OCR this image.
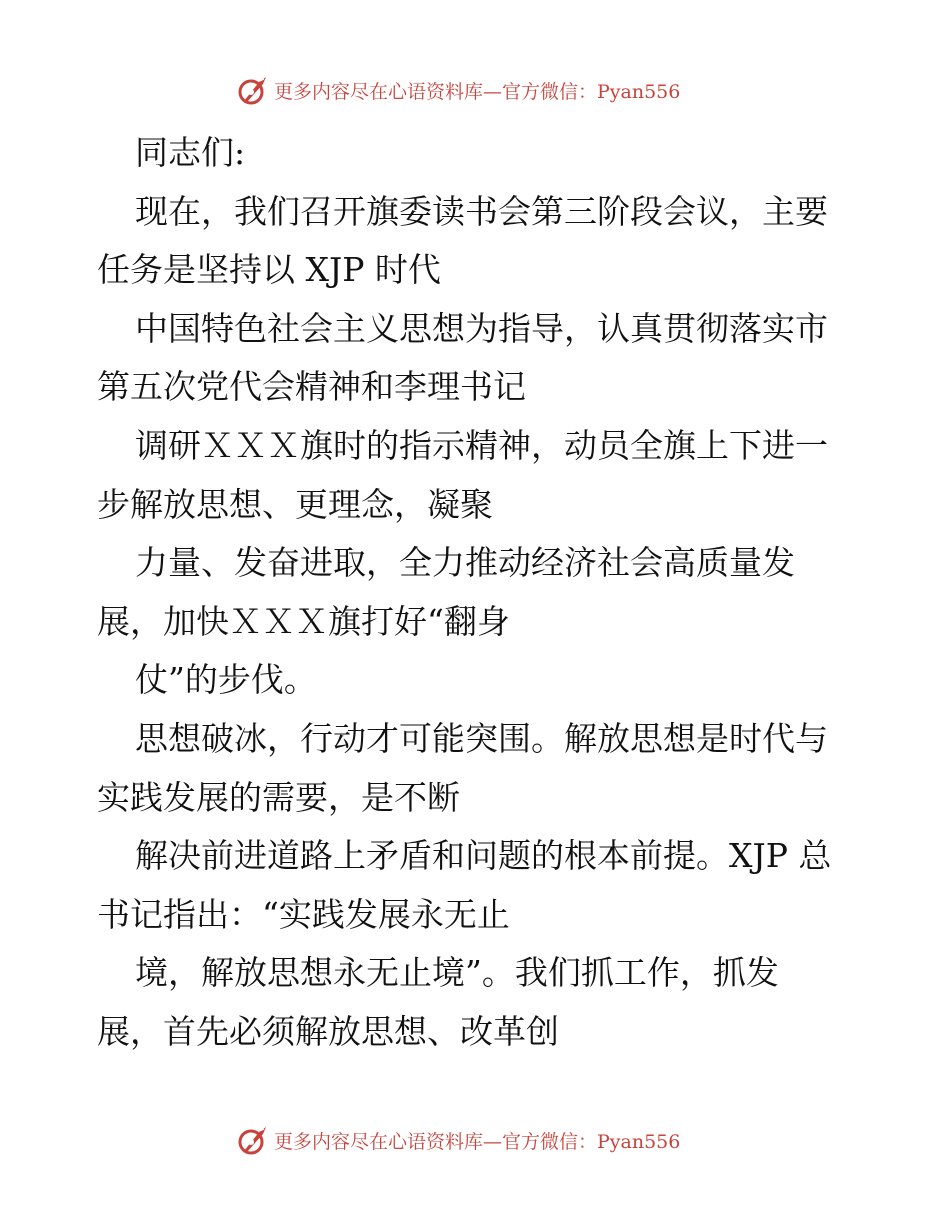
更多内容尽在心语资料库—官方微信：Pyan556
同志们:
现在，我们召开旗委读书会第三阶段会议，主要
任务是坚持以 XJP 时代
中国特色社会主义思想为指导，认真贯彻落实市
第五次党代会精神和李理书记
调研ＸＸＸ旗时的指示精神，动员全旗上下进一
步解放思想、更理念，凝聚
力量、发奋进取，全力推动经济社会高质量发
展，加快ＸＸＸ旗打好“翻身
仗”的步伐。
思想破冰，行动才可能突围。解放思想是时代与
实践发展的需要，是不断
解决前进道路上矛盾和问题的根本前提。XJP 总
书记指出：“实践发展永无止
境，解放思想永无止境”。我们抓工作，抓发
展，首先必须解放思想、改革创
更多内容尽在心语资料库—官方微信：Pyan556
